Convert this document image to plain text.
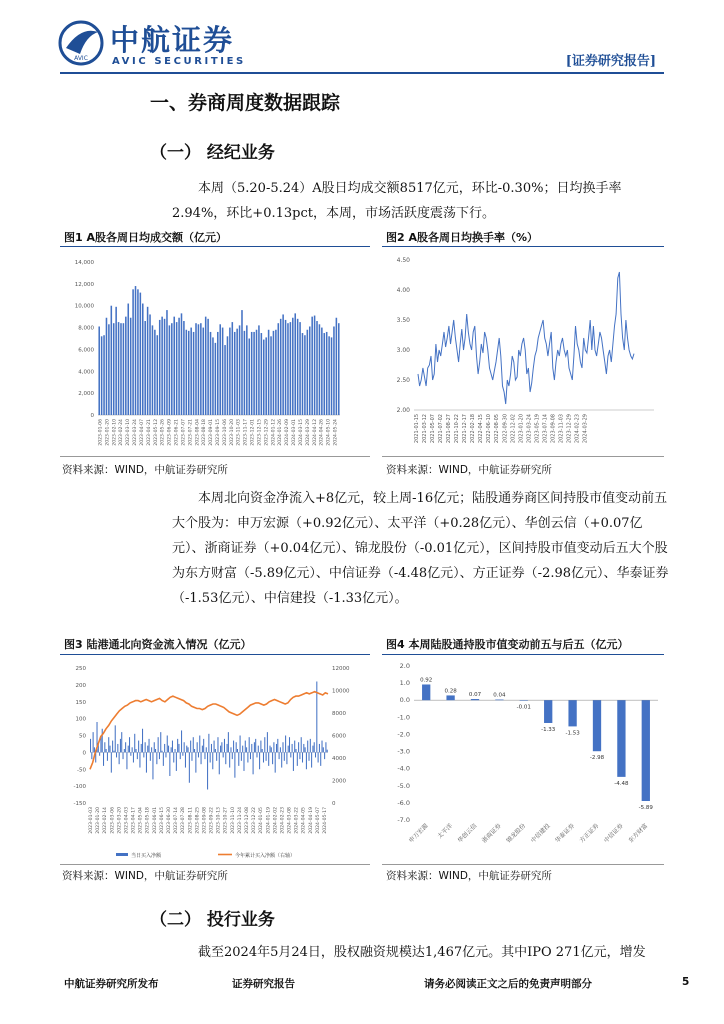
AVIC
中航证券
AVIC SECURITIES	[证券研究报告]
一、券商周度数据跟踪
（一） 经纪业务

本周（5.20-5.24）A股日均成交额8517亿元，环比-0.30%；日均换手率2.94%，环比+0.13pct，本周，市场活跃度震荡下行。

图1 A股各周日均成交额（亿元）
14,000
12,000
10,000
8,000
6,000
4,000
2,000
0
2023-01-06 2023-01-20 2023-02-10 2023-02-24 2023-03-10 2023-03-24 2023-04-07 2023-04-21 2023-05-12 2023-05-26 2023-06-09 2023-06-21 2023-07-07 2023-07-21 2023-08-04 2023-08-18 2023-09-01 2023-09-15 2023-10-06 2023-10-20 2023-11-03 2023-11-17 2023-12-01 2023-12-15 2023-12-29 2024-01-12 2024-01-26 2024-02-09 2024-03-01 2024-03-15 2024-03-29 2024-04-12 2024-04-26 2024-05-10 2024-05-24
资料来源：WIND，中航证券研究所
图2 A股各周日均换手率（%）
4.50
4.00
3.50
3.00
2.50
2.00
2021-01-15 2021-03-12 2021-05-07 2021-07-02 2021-08-27 2021-10-22 2021-12-17 2022-02-18 2022-04-15 2022-06-10 2022-08-05 2022-09-30 2022-12-02 2023-01-20 2023-03-24 2023-05-19 2023-07-14 2023-09-08 2023-11-03 2023-12-29 2024-02-23 2024-03-29
资料来源：WIND，中航证券研究所

本周北向资金净流入+8亿元，较上周-16亿元；陆股通券商区间持股市值变动前五大个股为：申万宏源（+0.92亿元）、太平洋（+0.28亿元）、华创云信（+0.07亿元）、浙商证券（+0.04亿元）、锦龙股份（-0.01亿元），区间持股市值变动后五大个股为东方财富（-5.89亿元）、中信证券（-4.48亿元）、方正证券（-2.98亿元）、华泰证券（-1.53亿元）、中信建投（-1.33亿元）。

图3 陆港通北向资金流入情况（亿元）
250
200
150
100
50
0
-50
-100
-150
12000
10000
8000
6000
4000
2000
0
2023-01-03 2023-01-20 2023-02-14 2023-03-06 2023-03-20 2023-04-03 2023-04-17 2023-05-04 2023-05-18 2023-06-01 2023-06-15 2023-06-30 2023-07-14 2023-07-28 2023-08-11 2023-08-25 2023-09-08 2023-09-22 2023-10-13 2023-10-27 2023-11-10 2023-11-24 2023-12-08 2023-12-22 2024-01-05 2024-01-19 2024-02-02 2024-02-23 2024-03-08 2024-03-22 2024-04-05 2024-04-19 2024-05-07 2024-05-17
当日买入净额	今年累计买入净额（右轴）
资料来源：WIND，中航证券研究所
图4 本周陆股通持股市值变动前五与后五（亿元）
2.0
1.0
0.0
-1.0
-2.0
-3.0
-4.0
-5.0
-6.0
-7.0
0.92
申万宏源
0.28
太平洋
0.07
华创云信
0.04
浙商证券
-0.01
锦龙股份
-1.33
中信建投
-1.53
华泰证券
-2.98
方正证券
-4.48
中信证券
-5.89
东方财富
资料来源：WIND，中航证券研究所
（二） 投行业务

截至2024年5月24日，股权融资规模达1,467亿元。其中IPO 271亿元，增发

中航证券研究所发布	证券研究报告	请务必阅读正文之后的免责声明部分	5
